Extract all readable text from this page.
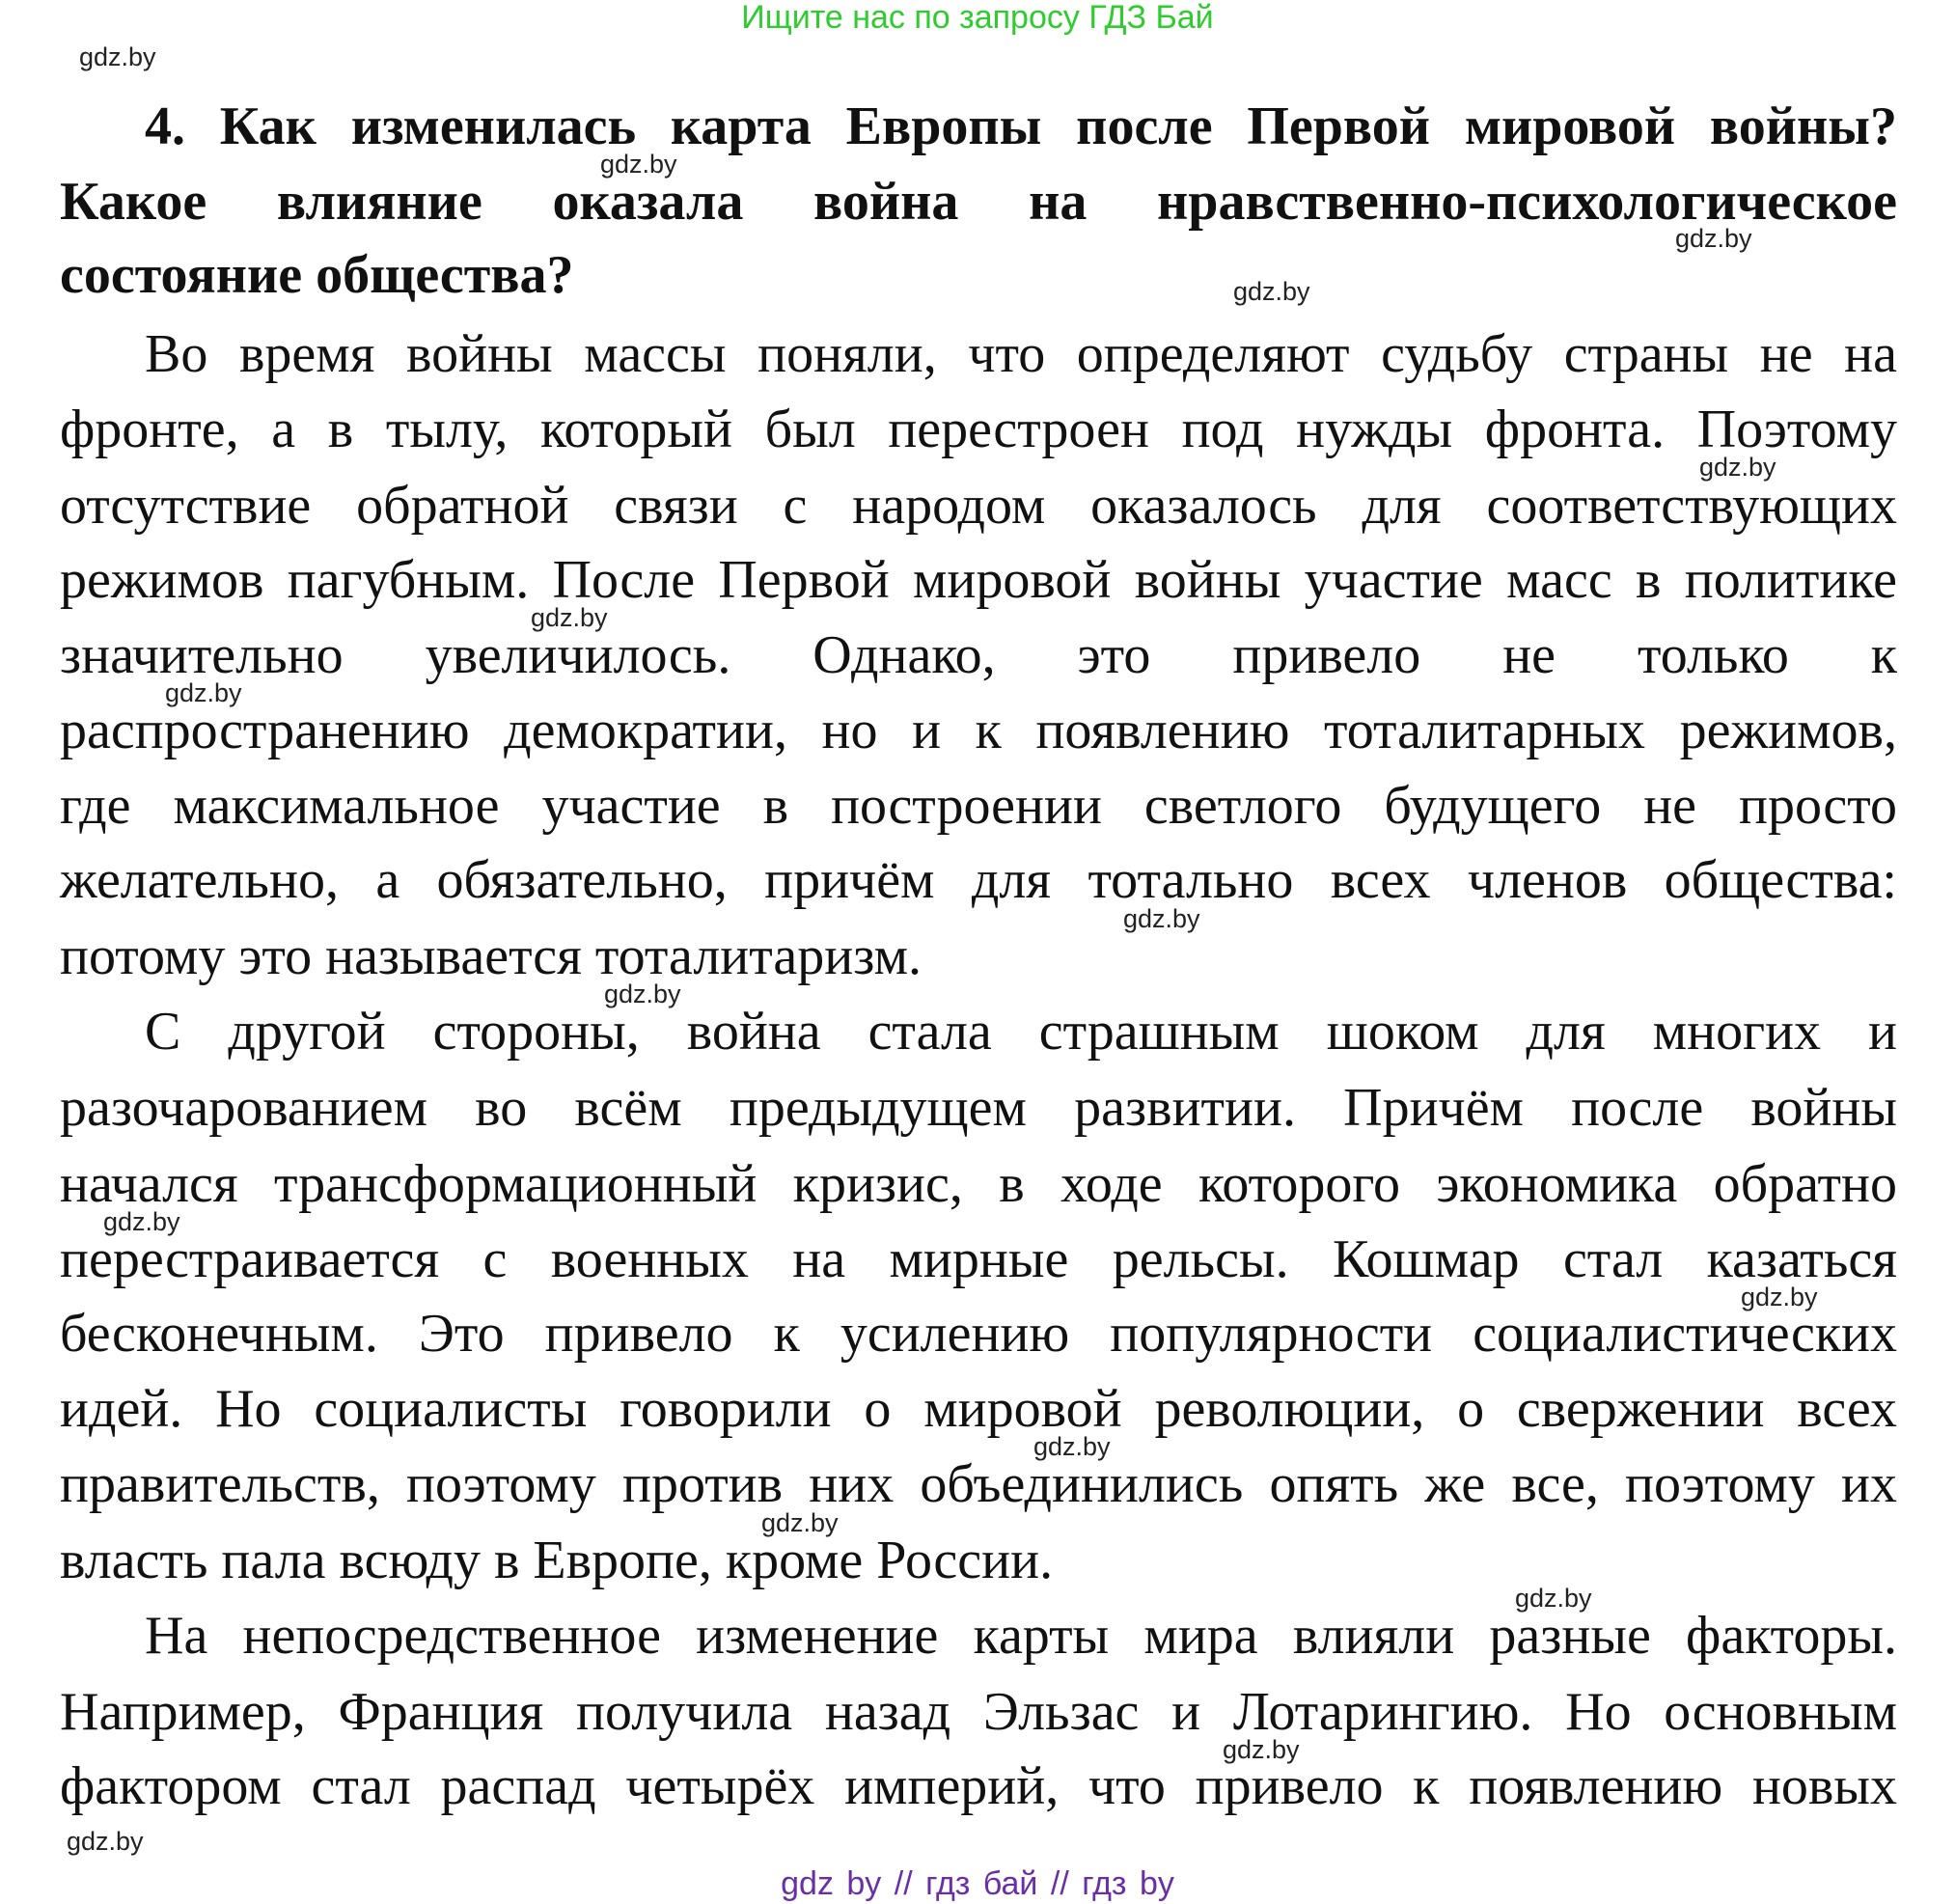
Ищите нас по запросу ГДЗ Бай
4. Как изменилась карта Европы после Первой мировой войны?
Какое влияние оказала война на нравственно-психологическое
состояние общества?
Во время войны массы поняли, что определяют судьбу страны не на
фронте, а в тылу, который был перестроен под нужды фронта. Поэтому
отсутствие обратной связи с народом оказалось для соответствующих
режимов пагубным. После Первой мировой войны участие масс в политике
значительно увеличилось. Однако, это привело не только к
распространению демократии, но и к появлению тоталитарных режимов,
где максимальное участие в построении светлого будущего не просто
желательно, а обязательно, причём для тотально всех членов общества:
потому это называется тоталитаризм.
С другой стороны, война стала страшным шоком для многих и
разочарованием во всём предыдущем развитии. Причём после войны
начался трансформационный кризис, в ходе которого экономика обратно
перестраивается с военных на мирные рельсы. Кошмар стал казаться
бесконечным. Это привело к усилению популярности социалистических
идей. Но социалисты говорили о мировой революции, о свержении всех
правительств, поэтому против них объединились опять же все, поэтому их
власть пала всюду в Европе, кроме России.
На непосредственное изменение карты мира влияли разные факторы.
Например, Франция получила назад Эльзас и Лотарингию. Но основным
фактором стал распад четырёх империй, что привело к появлению новых
gdz.by
gdz.by
gdz.by
gdz.by
gdz.by
gdz.by
gdz.by
gdz.by
gdz.by
gdz.by
gdz.by
gdz.by
gdz.by
gdz.by
gdz.by
gdz.by
gdz by // гдз бай // гдз by
